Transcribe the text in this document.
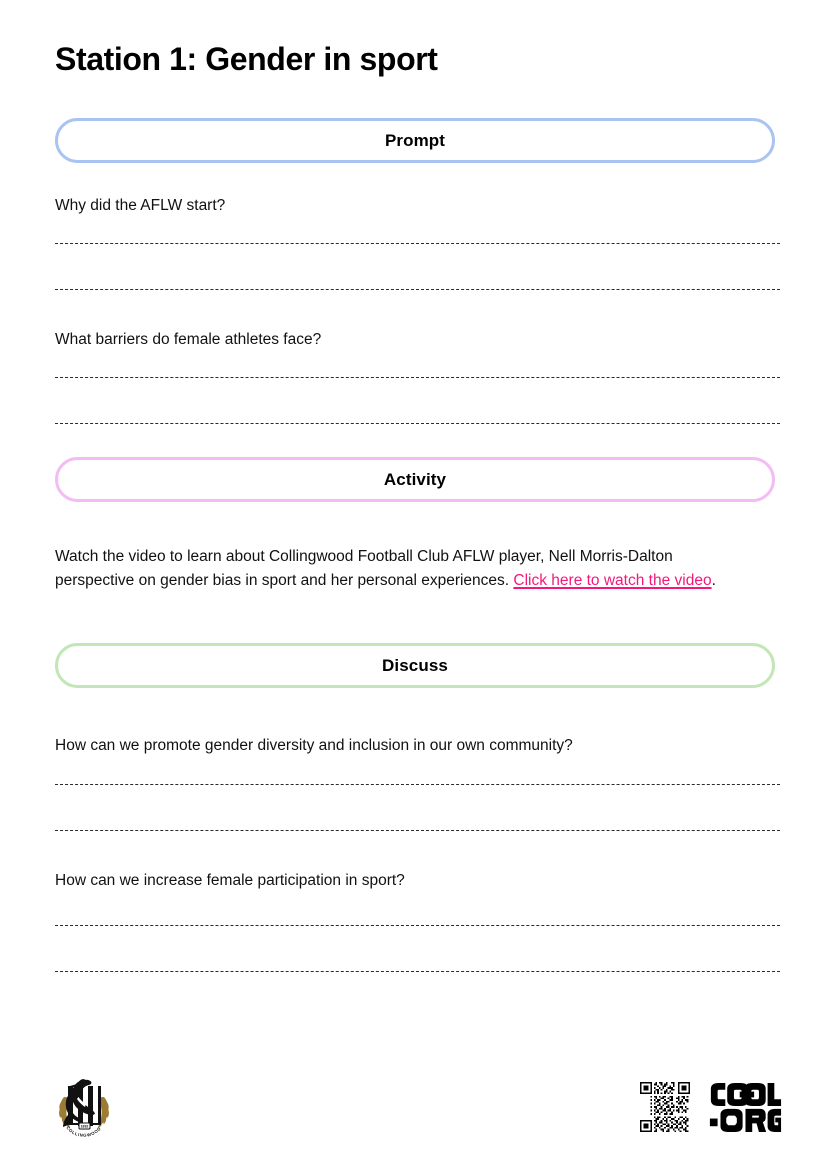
Station 1: Gender in sport
Prompt
Why did the AFLW start?
What barriers do female athletes face?
Activity
Watch the video to learn about Collingwood Football Club AFLW player, Nell Morris-Dalton perspective on gender bias in sport and her personal experiences. Click here to watch the video.
Discuss
How can we promote gender diversity and inclusion in our own community?
How can we increase female participation in sport?
1892
COLLINGWOOD
